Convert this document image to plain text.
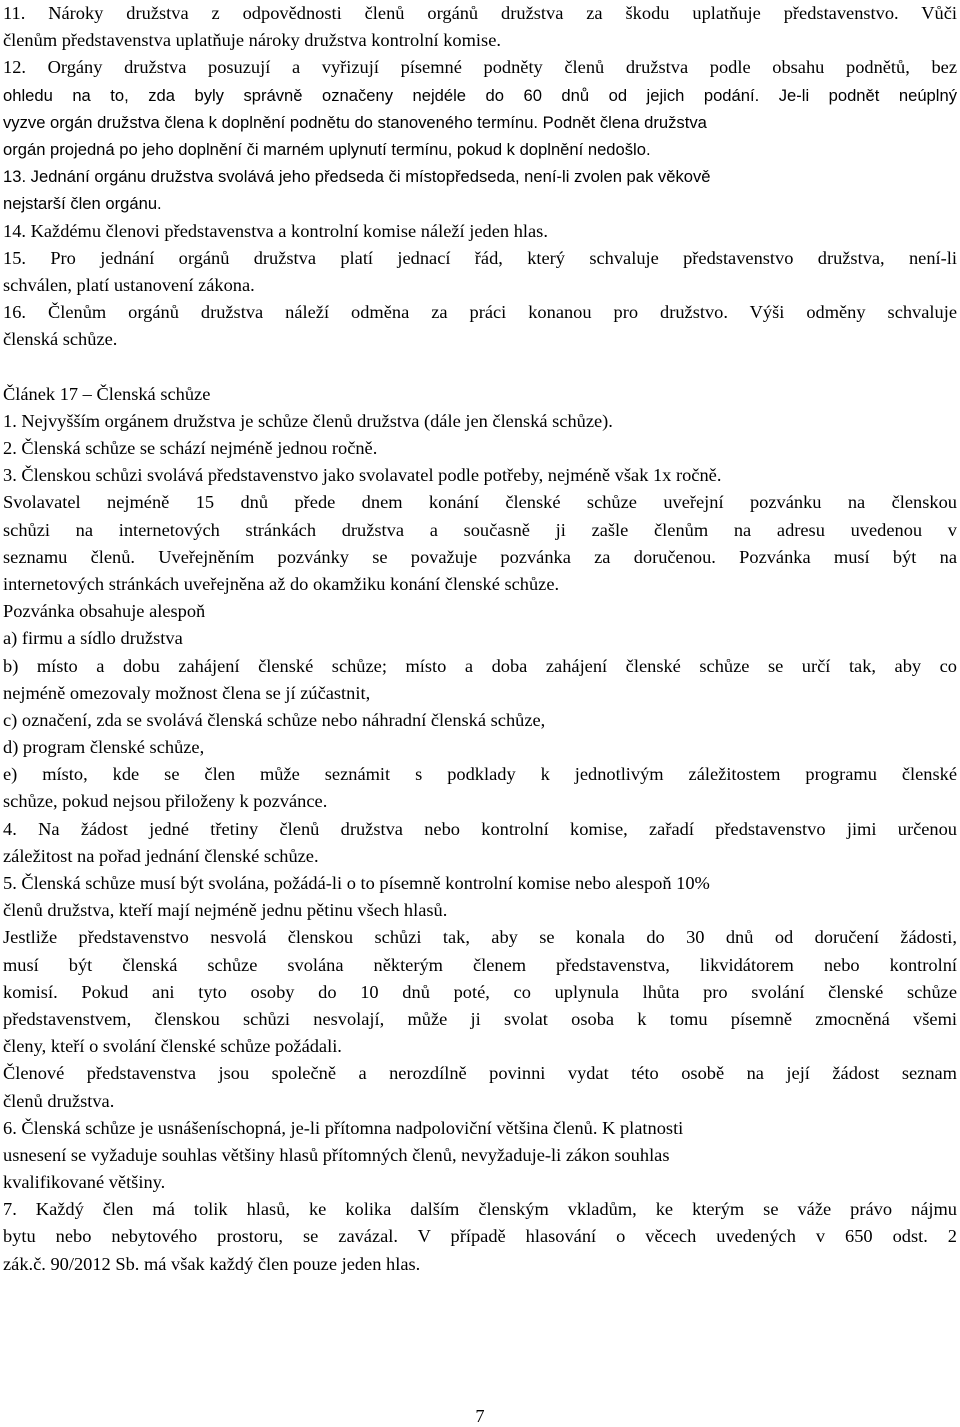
11. Nároky družstva z odpovědnosti členů orgánů družstva za škodu uplatňuje představenstvo. Vůči
členům představenstva uplatňuje nároky družstva kontrolní komise.
12. Orgány družstva posuzují a vyřizují písemné podněty členů družstva podle obsahu podnětů, bez
ohledu na to, zda byly správně označeny nejdéle do 60 dnů od jejich podání. Je-li podnět neúplný
vyzve orgán družstva člena k doplnění podnětu do stanoveného termínu. Podnět člena družstva
orgán projedná po jeho doplnění či marném uplynutí termínu, pokud k doplnění nedošlo.
13. Jednání orgánu družstva svolává jeho předseda či místopředseda, není-li zvolen pak věkově
nejstarší člen orgánu.
14. Každému členovi představenstva a kontrolní komise náleží jeden hlas.
15. Pro jednání orgánů družstva platí jednací řád, který schvaluje představenstvo družstva, není-li
schválen, platí ustanovení zákona.
16. Členům orgánů družstva náleží odměna za práci konanou pro družstvo. Výši odměny schvaluje
členská schůze.
Článek 17 – Členská schůze
1. Nejvyšším orgánem družstva je schůze členů družstva (dále jen členská schůze).
2. Členská schůze se schází nejméně jednou ročně.
3. Členskou schůzi svolává představenstvo jako svolavatel podle potřeby, nejméně však 1x ročně.
Svolavatel nejméně 15 dnů přede dnem konání členské schůze uveřejní pozvánku na členskou
schůzi na internetových stránkách družstva a současně ji zašle členům na adresu uvedenou v
seznamu členů. Uveřejněním pozvánky se považuje pozvánka za doručenou. Pozvánka musí být na
internetových stránkách uveřejněna až do okamžiku konání členské schůze.
Pozvánka obsahuje alespoň
a) firmu a sídlo družstva
b) místo a dobu zahájení členské schůze; místo a doba zahájení členské schůze se určí tak, aby co
nejméně omezovaly možnost člena se jí zúčastnit,
c) označení, zda se svolává členská schůze nebo náhradní členská schůze,
d) program členské schůze,
e) místo, kde se člen může seznámit s podklady k jednotlivým záležitostem programu členské
schůze, pokud nejsou přiloženy k pozvánce.
4. Na žádost jedné třetiny členů družstva nebo kontrolní komise, zařadí představenstvo jimi určenou
záležitost na pořad jednání členské schůze.
5. Členská schůze musí být svolána, požádá-li o to písemně kontrolní komise nebo alespoň 10%
členů družstva, kteří mají nejméně jednu pětinu všech hlasů.
Jestliže představenstvo nesvolá členskou schůzi tak, aby se konala do 30 dnů od doručení žádosti,
musí být členská schůze svolána některým členem představenstva, likvidátorem nebo kontrolní
komisí. Pokud ani tyto osoby do 10 dnů poté, co uplynula lhůta pro svolání členské schůze
představenstvem, členskou schůzi nesvolají, může ji svolat osoba k tomu písemně zmocněná všemi
členy, kteří o svolání členské schůze požádali.
Členové představenstva jsou společně a nerozdílně povinni vydat této osobě na její žádost seznam
členů družstva.
6. Členská schůze je usnášeníschopná, je-li přítomna nadpoloviční většina členů. K platnosti
usnesení se vyžaduje souhlas většiny hlasů přítomných členů, nevyžaduje-li zákon souhlas
kvalifikované většiny.
7. Každý člen má tolik hlasů, ke kolika dalším členským vkladům, ke kterým se váže právo nájmu
bytu nebo nebytového prostoru, se zavázal. V případě hlasování o věcech uvedených v 650 odst. 2
zák.č. 90/2012 Sb. má však každý člen pouze jeden hlas.
7
